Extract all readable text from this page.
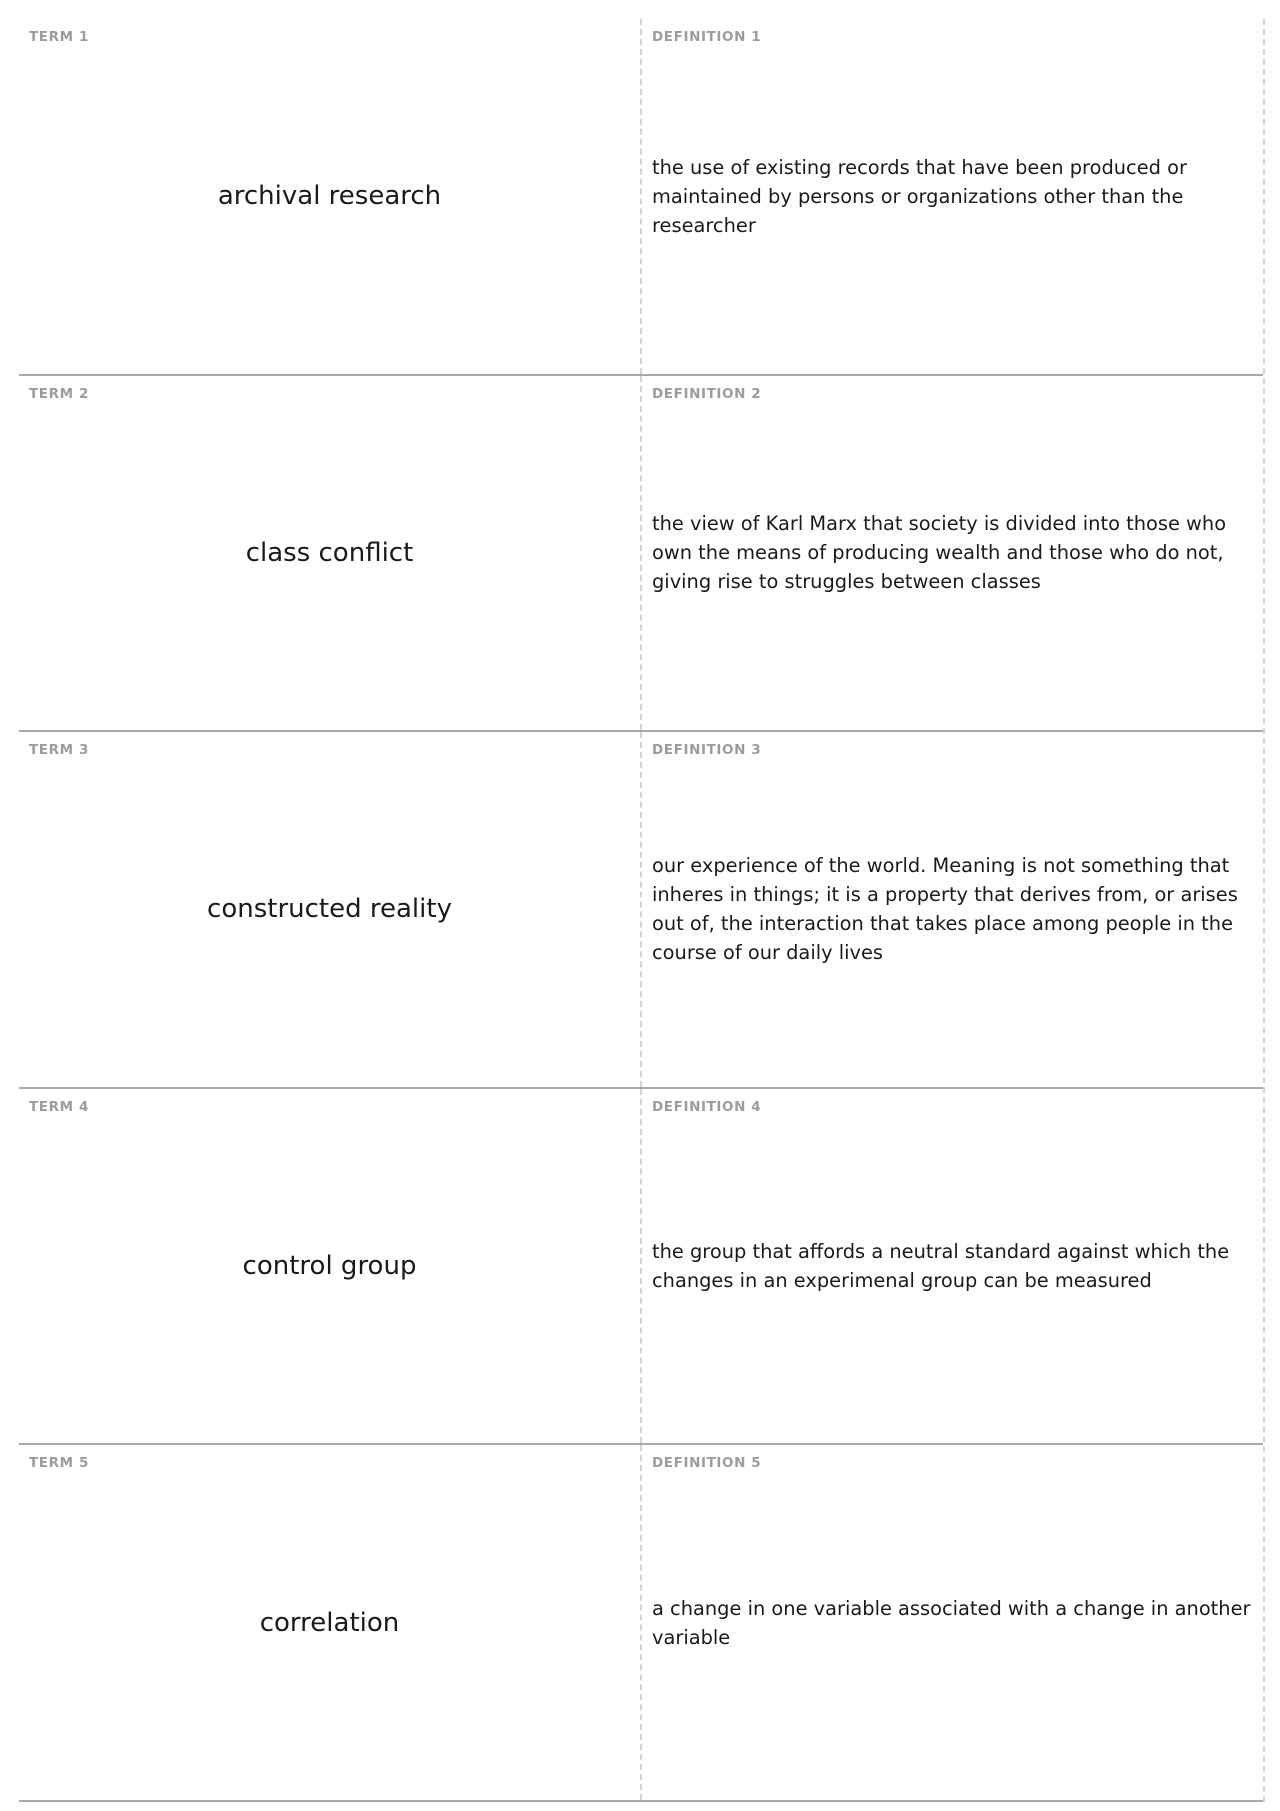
TERM 1
archival research
DEFINITION 1
the use of existing records that have been produced or maintained by persons or organizations other than the researcher
TERM 2
class conflict
DEFINITION 2
the view of Karl Marx that society is divided into those who own the means of producing wealth and those who do not, giving rise to struggles between classes
TERM 3
constructed reality
DEFINITION 3
our experience of the world. Meaning is not something that inheres in things; it is a property that derives from, or arises out of, the interaction that takes place among people in the course of our daily lives
TERM 4
control group
DEFINITION 4
the group that affords a neutral standard against which the changes in an experimenal group can be measured
TERM 5
correlation
DEFINITION 5
a change in one variable associated with a change in another variable
